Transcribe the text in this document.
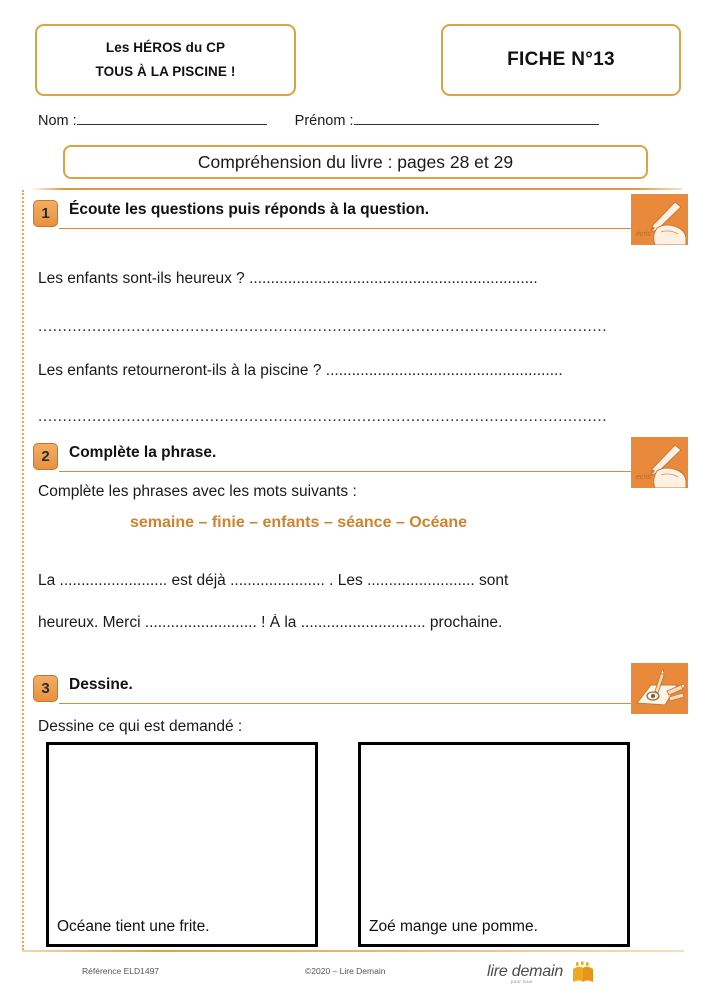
Les HÉROS du CP
TOUS À LA PISCINE !
FICHE N°13
Nom :	Prénom :
Compréhension du livre : pages 28 et 29
1	Écoute les questions puis réponds à la question.
écris
Les enfants sont-ils heureux ? ...................................................................
....................................................................................................................
Les enfants retourneront-ils à la piscine ? .......................................................
....................................................................................................................
2	Complète la phrase.
écris
Complète les phrases avec les mots suivants :
semaine – finie – enfants – séance – Océane
La ......................... est déjà ...................... . Les ......................... sont
heureux. Merci .......................... ! À la ............................. prochaine.
3	Dessine.
Dessine ce qui est demandé :
Océane tient une frite.	Zoé mange une pomme.
Référence ELD1497	©2020 – Lire Demain	lire demain
pour tous
